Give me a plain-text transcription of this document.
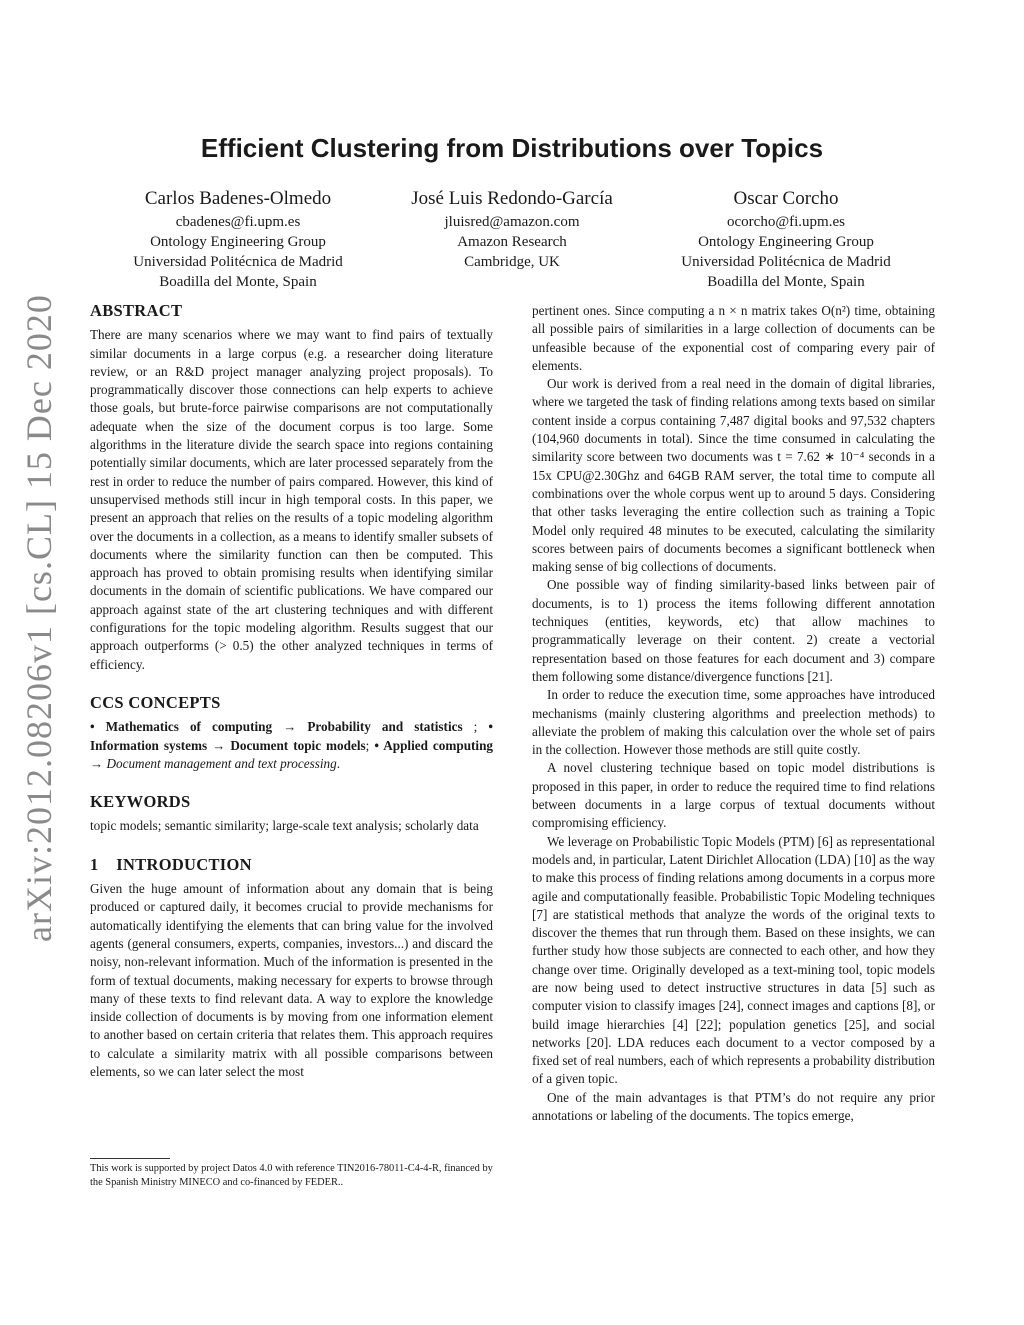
arXiv:2012.08206v1 [cs.CL] 15 Dec 2020
Efficient Clustering from Distributions over Topics
Carlos Badenes-Olmedo
cbadenes@fi.upm.es
Ontology Engineering Group
Universidad Politécnica de Madrid
Boadilla del Monte, Spain
José Luis Redondo-García
jluisred@amazon.com
Amazon Research
Cambridge, UK
Oscar Corcho
ocorcho@fi.upm.es
Ontology Engineering Group
Universidad Politécnica de Madrid
Boadilla del Monte, Spain
ABSTRACT

There are many scenarios where we may want to find pairs of textually similar documents in a large corpus (e.g. a researcher doing literature review, or an R&D project manager analyzing project proposals). To programmatically discover those connections can help experts to achieve those goals, but brute-force pairwise comparisons are not computationally adequate when the size of the document corpus is too large. Some algorithms in the literature divide the search space into regions containing potentially similar documents, which are later processed separately from the rest in order to reduce the number of pairs compared. However, this kind of unsupervised methods still incur in high temporal costs. In this paper, we present an approach that relies on the results of a topic modeling algorithm over the documents in a collection, as a means to identify smaller subsets of documents where the similarity function can then be computed. This approach has proved to obtain promising results when identifying similar documents in the domain of scientific publications. We have compared our approach against state of the art clustering techniques and with different configurations for the topic modeling algorithm. Results suggest that our approach outperforms (> 0.5) the other analyzed techniques in terms of efficiency.

CCS CONCEPTS

• Mathematics of computing → Probability and statistics ; • Information systems → Document topic models; • Applied computing → Document management and text processing.

KEYWORDS

topic models; semantic similarity; large-scale text analysis; scholarly data

1    INTRODUCTION

Given the huge amount of information about any domain that is being produced or captured daily, it becomes crucial to provide mechanisms for automatically identifying the elements that can bring value for the involved agents (general consumers, experts, companies, investors...) and discard the noisy, non-relevant information. Much of the information is presented in the form of textual documents, making necessary for experts to browse through many of these texts to find relevant data. A way to explore the knowledge inside collection of documents is by moving from one information element to another based on certain criteria that relates them. This approach requires to calculate a similarity matrix with all possible comparisons between elements, so we can later select the most

This work is supported by project Datos 4.0 with reference TIN2016-78011-C4-4-R, financed by the Spanish Ministry MINECO and co-financed by FEDER..

pertinent ones. Since computing a n × n matrix takes O(n²) time, obtaining all possible pairs of similarities in a large collection of documents can be unfeasible because of the exponential cost of comparing every pair of elements.

Our work is derived from a real need in the domain of digital libraries, where we targeted the task of finding relations among texts based on similar content inside a corpus containing 7,487 digital books and 97,532 chapters (104,960 documents in total). Since the time consumed in calculating the similarity score between two documents was t = 7.62 ∗ 10⁻⁴ seconds in a 15x CPU@2.30Ghz and 64GB RAM server, the total time to compute all combinations over the whole corpus went up to around 5 days. Considering that other tasks leveraging the entire collection such as training a Topic Model only required 48 minutes to be executed, calculating the similarity scores between pairs of documents becomes a significant bottleneck when making sense of big collections of documents.

One possible way of finding similarity-based links between pair of documents, is to 1) process the items following different annotation techniques (entities, keywords, etc) that allow machines to programmatically leverage on their content. 2) create a vectorial representation based on those features for each document and 3) compare them following some distance/divergence functions [21].

In order to reduce the execution time, some approaches have introduced mechanisms (mainly clustering algorithms and preelection methods) to alleviate the problem of making this calculation over the whole set of pairs in the collection. However those methods are still quite costly.

A novel clustering technique based on topic model distributions is proposed in this paper, in order to reduce the required time to find relations between documents in a large corpus of textual documents without compromising efficiency.

We leverage on Probabilistic Topic Models (PTM) [6] as representational models and, in particular, Latent Dirichlet Allocation (LDA) [10] as the way to make this process of finding relations among documents in a corpus more agile and computationally feasible. Probabilistic Topic Modeling techniques [7] are statistical methods that analyze the words of the original texts to discover the themes that run through them. Based on these insights, we can further study how those subjects are connected to each other, and how they change over time. Originally developed as a text-mining tool, topic models are now being used to detect instructive structures in data [5] such as computer vision to classify images [24], connect images and captions [8], or build image hierarchies [4] [22]; population genetics [25], and social networks [20]. LDA reduces each document to a vector composed by a fixed set of real numbers, each of which represents a probability distribution of a given topic.

One of the main advantages is that PTM’s do not require any prior annotations or labeling of the documents. The topics emerge,
